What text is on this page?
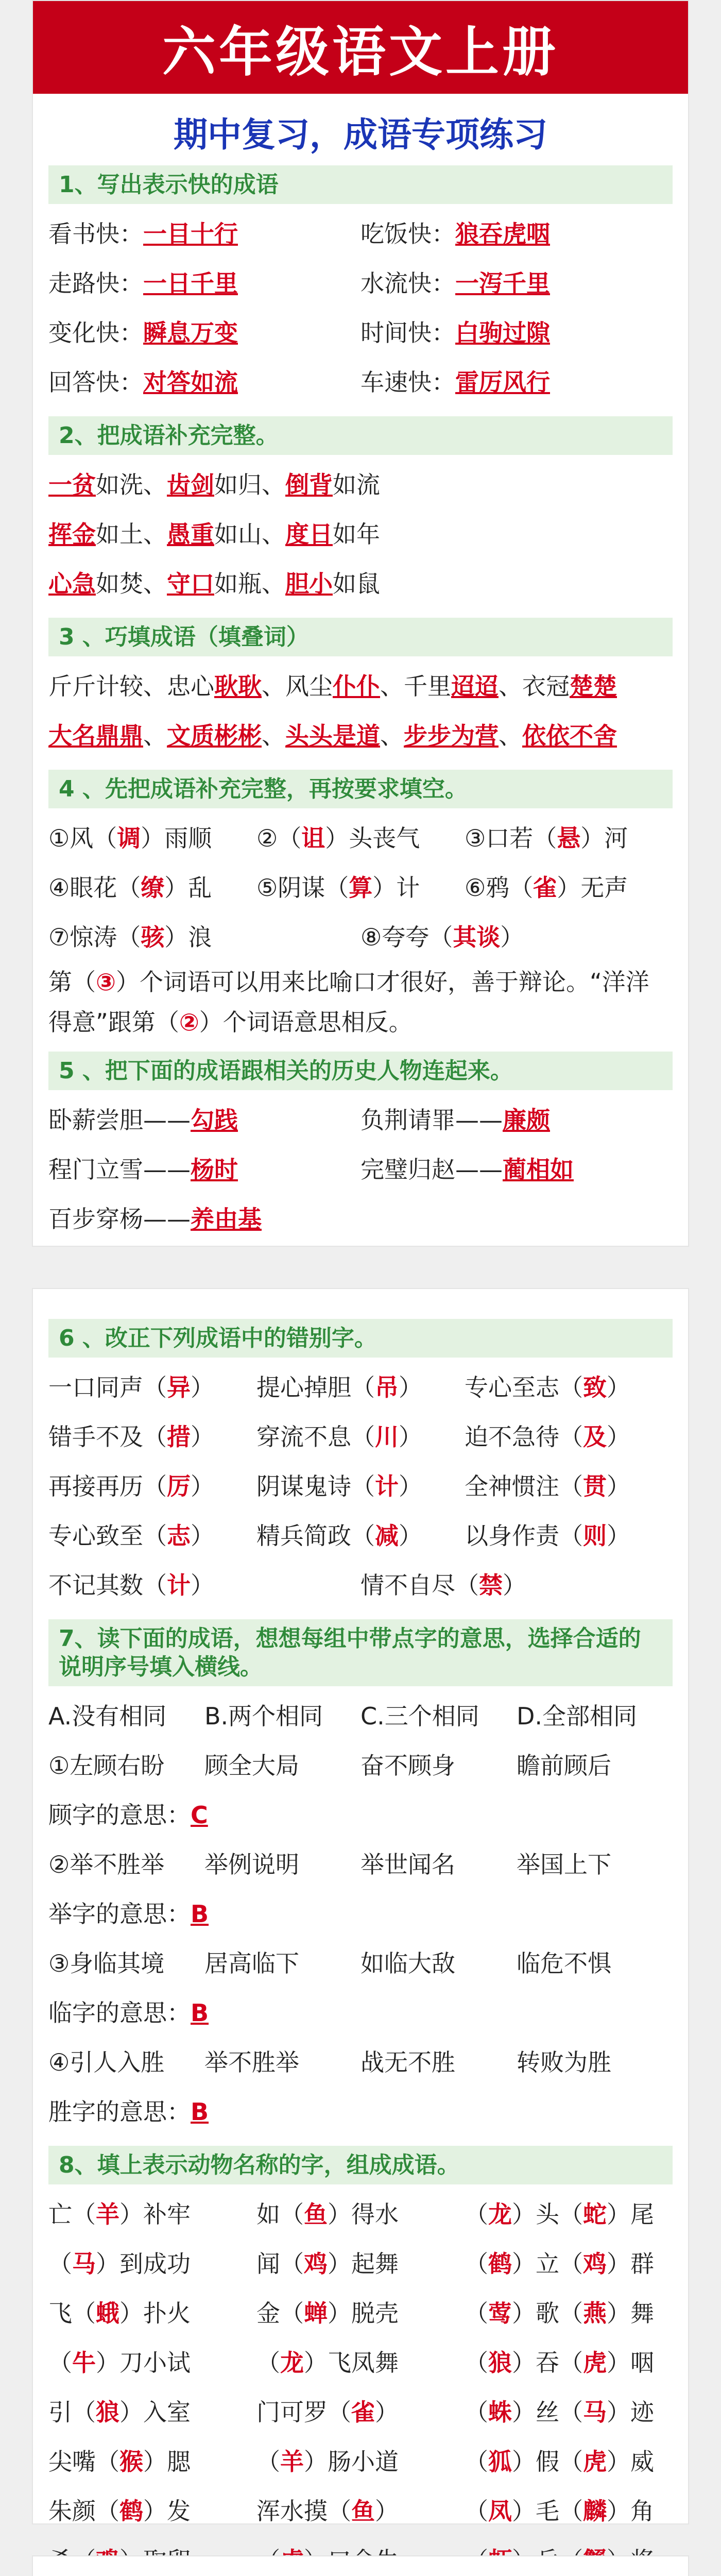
六年级语文上册
期中复习，成语专项练习
1、写出表示快的成语
看书快：一目十行	吃饭快：狼吞虎咽
走路快：一日千里	水流快：一泻千里
变化快：瞬息万变	时间快：白驹过隙
回答快：对答如流	车速快：雷厉风行
2、把成语补充完整。
一贫如洗、齿剑如归、倒背如流
挥金如土、愚重如山、度日如年
心急如焚、守口如瓶、胆小如鼠
3 、巧填成语（填叠词）
斤斤计较、忠心耿耿、风尘仆仆、千里迢迢、衣冠楚楚
大名鼎鼎、文质彬彬、头头是道、步步为营、依依不舍
4 、先把成语补充完整，再按要求填空。
①风（调）雨顺	②（诅）头丧气	③口若（悬）河
④眼花（缭）乱	⑤阴谋（算）计	⑥鸦（雀）无声
⑦惊涛（骇）浪	⑧夸夸（其谈）
第（③）个词语可以用来比喻口才很好，善于辩论。“洋洋得意”跟第（②）个词语意思相反。
5 、把下面的成语跟相关的历史人物连起来。
卧薪尝胆——勾践	负荆请罪——廉颇
程门立雪——杨时	完璧归赵——蔺相如
百步穿杨——养由基
6 、改正下列成语中的错别字。
一口同声（异）	提心掉胆（吊）	专心至志（致）
错手不及（措）	穿流不息（川）	迫不急待（及）
再接再历（厉）	阴谋鬼诗（计）	全神惯注（贯）
专心致至（志）	精兵简政（减）	以身作责（则）
不记其数（计）	情不自尽（禁）
7、读下面的成语，想想每组中带点字的意思，选择合适的说明序号填入横线。
A.没有相同	B.两个相同	C.三个相同	D.全部相同
①左顾右盼	顾全大局	奋不顾身	瞻前顾后
顾字的意思：C
②举不胜举	举例说明	举世闻名	举国上下
举字的意思：B
③身临其境	居高临下	如临大敌	临危不惧
临字的意思：B
④引人入胜	举不胜举	战无不胜	转败为胜
胜字的意思：B
8、填上表示动物名称的字，组成成语。
亡（羊）补牢	如（鱼）得水	（龙）头（蛇）尾
（马）到成功	闻（鸡）起舞	（鹤）立（鸡）群
飞（蛾）扑火	金（蝉）脱壳	（莺）歌（燕）舞
（牛）刀小试	（龙）飞凤舞	（狼）吞（虎）咽
引（狼）入室	门可罗（雀）	（蛛）丝（马）迹
尖嘴（猴）腮	（羊）肠小道	（狐）假（虎）威
朱颜（鹤）发	浑水摸（鱼）	（凤）毛（麟）角
